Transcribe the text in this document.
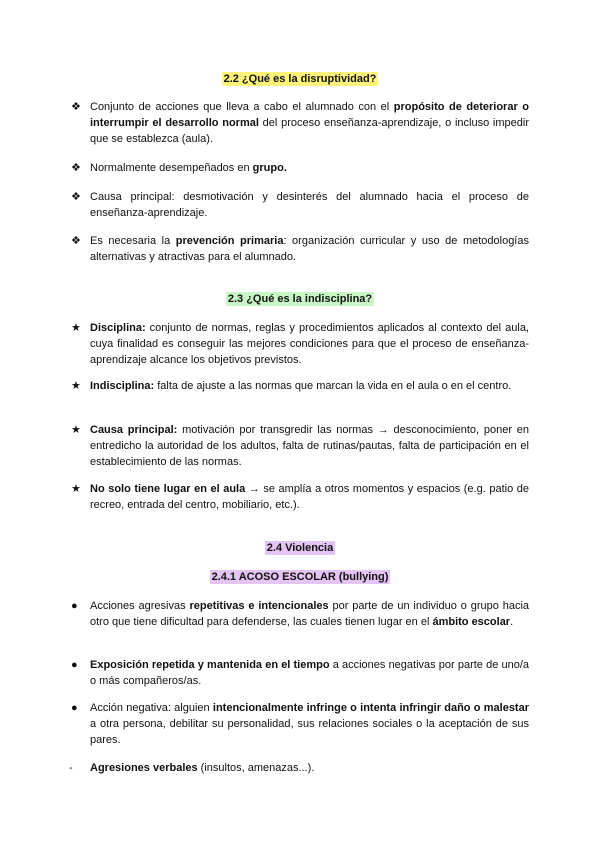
2.2 ¿Qué es la disruptividad?
❖ Conjunto de acciones que lleva a cabo el alumnado con el propósito de deteriorar o interrumpir el desarrollo normal del proceso enseñanza-aprendizaje, o incluso impedir que se establezca (aula).
❖ Normalmente desempeñados en grupo.
❖ Causa principal: desmotivación y desinterés del alumnado hacia el proceso de enseñanza-aprendizaje.
❖ Es necesaria la prevención primaria: organización curricular y uso de metodologías alternativas y atractivas para el alumnado.
2.3 ¿Qué es la indisciplina?
★ Disciplina: conjunto de normas, reglas y procedimientos aplicados al contexto del aula, cuya finalidad es conseguir las mejores condiciones para que el proceso de enseñanza-aprendizaje alcance los objetivos previstos.
★ Indisciplina: falta de ajuste a las normas que marcan la vida en el aula o en el centro.
★ Causa principal: motivación por transgredir las normas → desconocimiento, poner en entredicho la autoridad de los adultos, falta de rutinas/pautas, falta de participación en el establecimiento de las normas.
★ No solo tiene lugar en el aula → se amplía a otros momentos y espacios (e.g. patio de recreo, entrada del centro, mobiliario, etc.).
2.4 Violencia
2.4.1 ACOSO ESCOLAR (bullying)
●	Acciones agresivas repetitivas e intencionales por parte de un individuo o grupo hacia otro que tiene dificultad para defenderse, las cuales tienen lugar en el ámbito escolar.
●	Exposición repetida y mantenida en el tiempo a acciones negativas por parte de uno/a o más compañeros/as.
●	Acción negativa: alguien intencionalmente infringe o intenta infringir daño o malestar a otra persona, debilitar su personalidad, sus relaciones sociales o la aceptación de sus pares.
-	Agresiones verbales (insultos, amenazas...).
